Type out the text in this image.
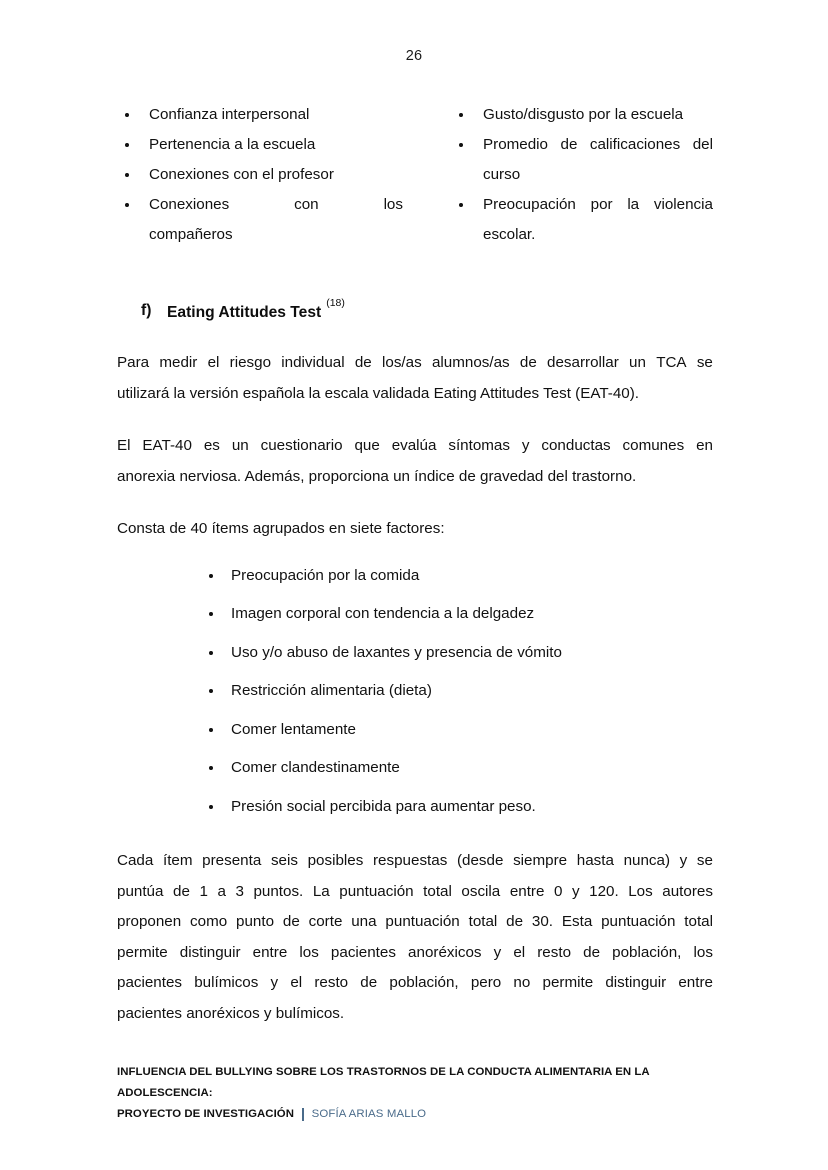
26
Confianza interpersonal
Pertenencia a la escuela
Conexiones con el profesor
Conexiones	con	los
compañeros
Gusto/disgusto por la escuela
Promedio de calificaciones del curso
Preocupación por la violencia
escolar.
f)	Eating Attitudes Test$^{(18)}$

Para medir el riesgo individual de los/as alumnos/as de desarrollar un TCA se
utilizará la versión española la escala validada Eating Attitudes Test (EAT-40).

El EAT-40 es un cuestionario que evalúa síntomas y conductas comunes en
anorexia nerviosa. Además, proporciona un índice de gravedad del trastorno.

Consta de 40 ítems agrupados en siete factores:

Preocupación por la comida
Imagen corporal con tendencia a la delgadez
Uso y/o abuso de laxantes y presencia de vómito
Restricción alimentaria (dieta)
Comer lentamente
Comer clandestinamente
Presión social percibida para aumentar peso.

Cada ítem presenta seis posibles respuestas (desde siempre hasta nunca) y se
puntúa de 1 a 3 puntos. La puntuación total oscila entre 0 y 120. Los autores
proponen como punto de corte una puntuación total de 30. Esta puntuación total
permite distinguir entre los pacientes anoréxicos y el resto de población, los
pacientes bulímicos y el resto de población, pero no permite distinguir entre
pacientes anoréxicos y bulímicos.

INFLUENCIA DEL BULLYING SOBRE LOS TRASTORNOS DE LA CONDUCTA ALIMENTARIA EN LA ADOLESCENCIA:
PROYECTO DE INVESTIGACIÓN SOFÍA ARIAS MALLO
